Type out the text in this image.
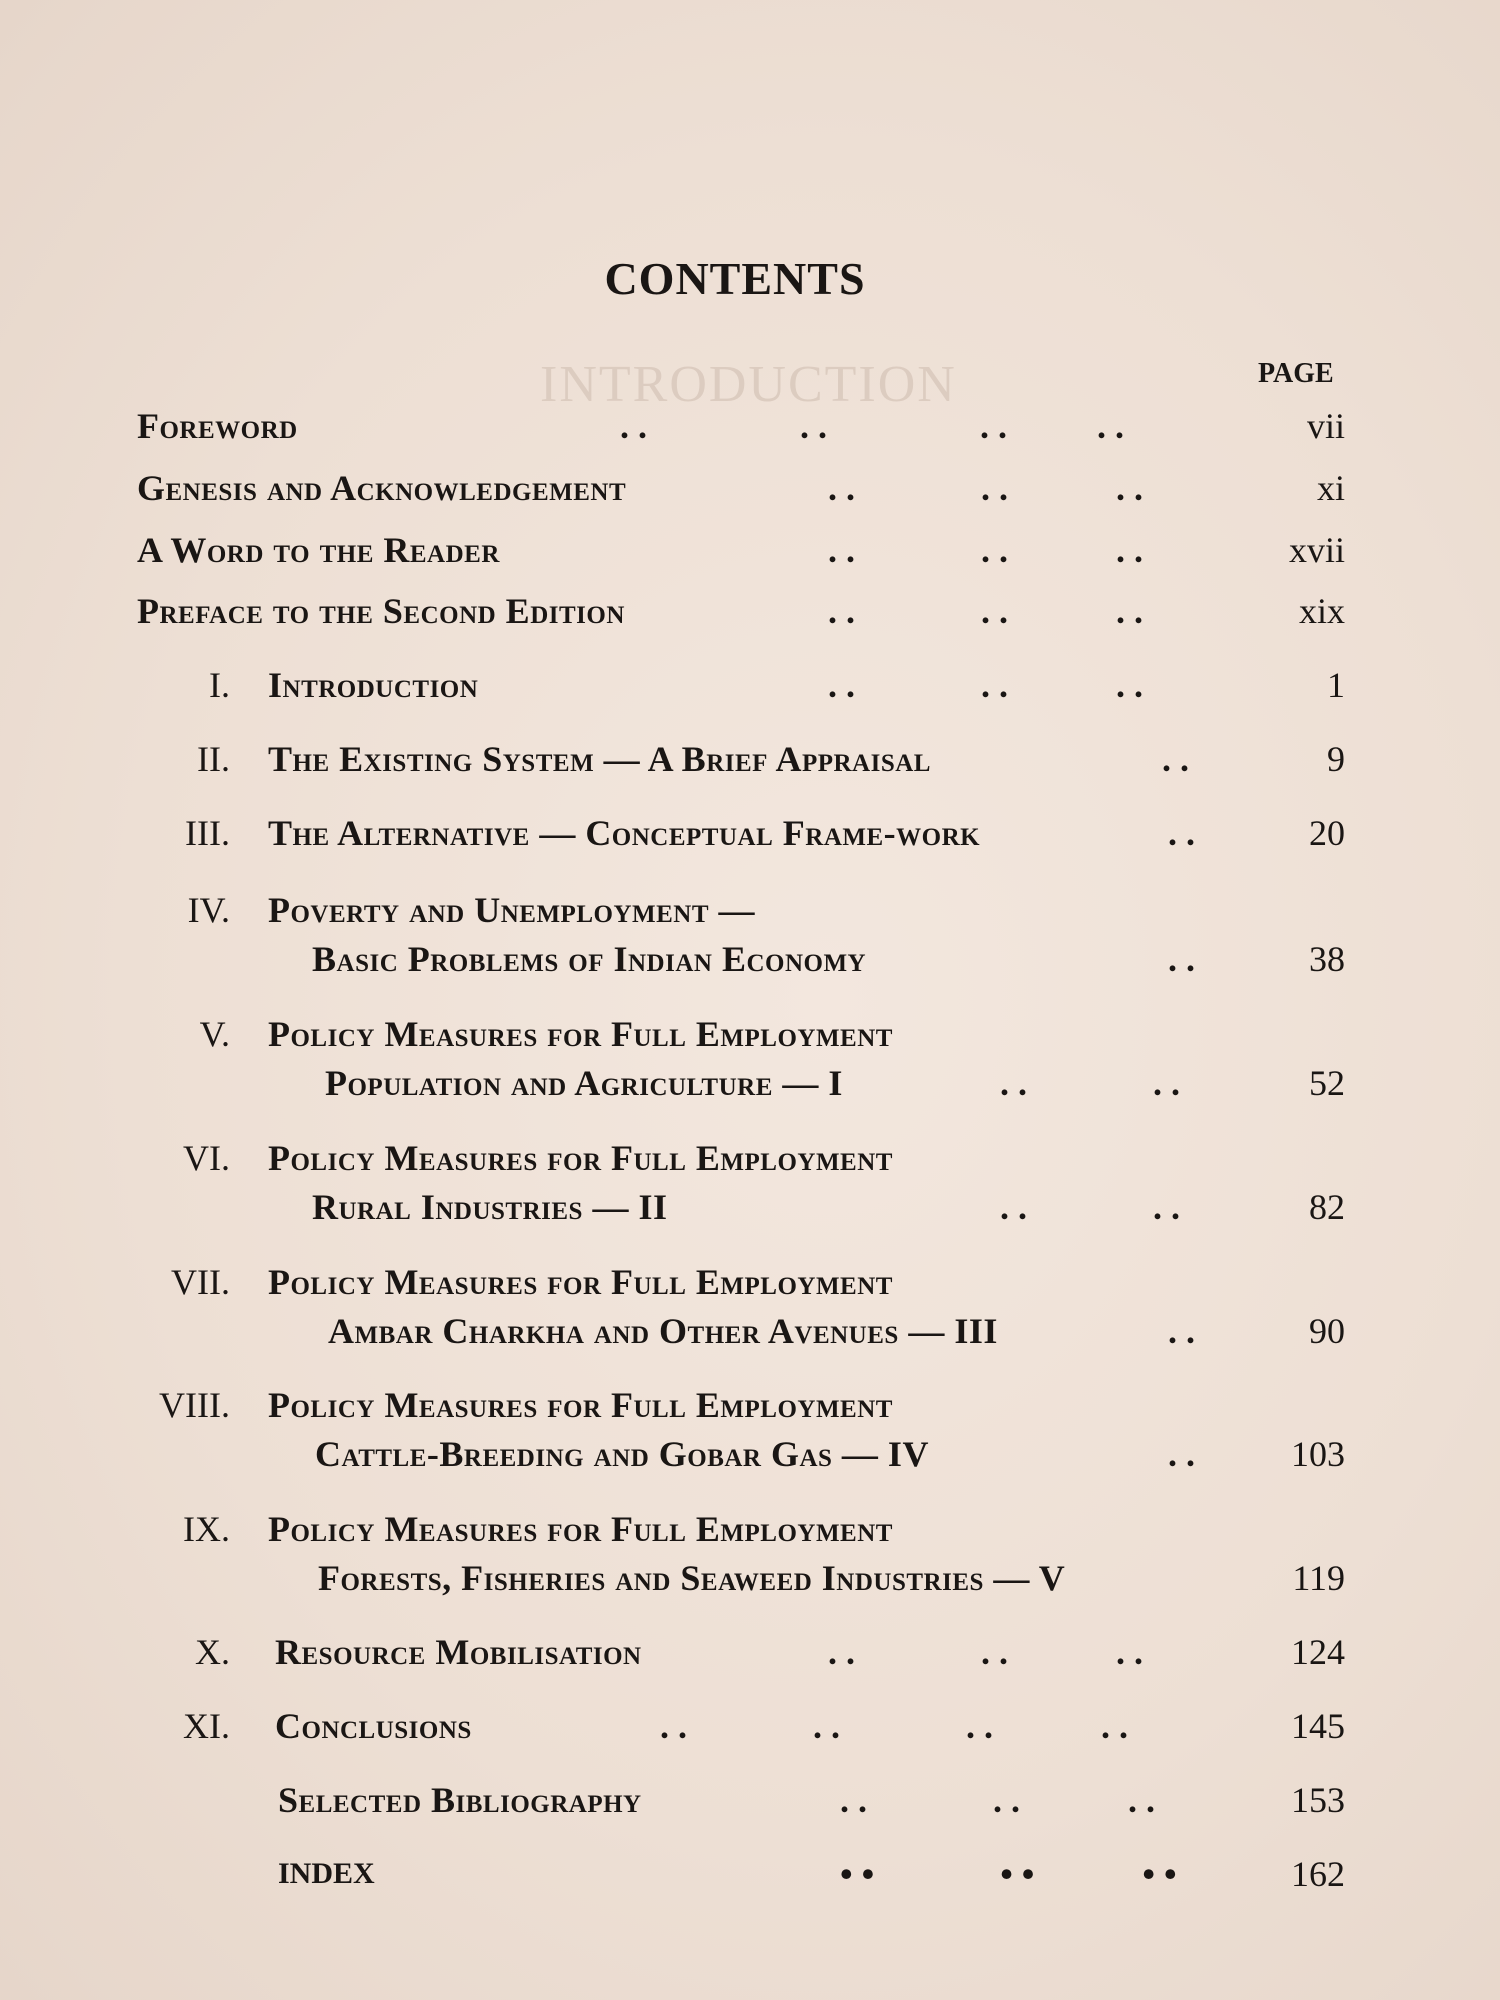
INTRODUCTION
CONTENTS
PAGE
Foreword	. .                 . .                 . .          . .	vii
Genesis and Acknowledgement	. .              . .            . .	xi
A Word to the Reader	. .              . .            . .	xvii
Preface to the Second Edition	. .              . .            . .	xix
I. Introduction	. .              . .            . .	1
II. The Existing System — A Brief Appraisal	. .	9
III. The Alternative — Conceptual Frame-work	. .	20
IV. Poverty and Unemployment —
Basic Problems of Indian Economy	. .	38
V. Policy Measures for Full Employment
Population and Agriculture — I	. .              . .	52
VI. Policy Measures for Full Employment
Rural Industries — II	. .              . .	82
VII. Policy Measures for Full Employment
Ambar Charkha and Other Avenues — III	. .	90
VIII. Policy Measures for Full Employment
Cattle-Breeding and Gobar Gas — IV	. .	103
IX. Policy Measures for Full Employment
Forests, Fisheries and Seaweed Industries — V	119
X. Resource Mobilisation	. .              . .            . .	124
XI. Conclusions	. .              . .              . .            . .	145
Selected Bibliography	. .              . .            . .	153
INDEX	• •              • •            • •	162
